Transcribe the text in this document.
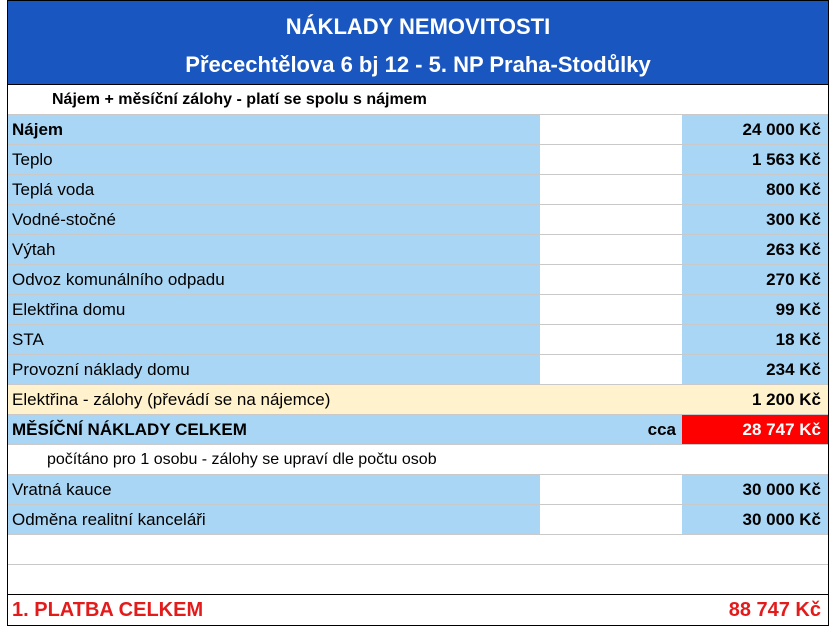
NÁKLADY NEMOVITOSTI
Přecechtělova 6 bj 12 - 5. NP Praha-Stodůlky
Nájem + měsíční zálohy - platí se spolu s nájmem
Nájem	24 000 Kč
Teplo	1 563 Kč
Teplá voda	800 Kč
Vodné-stočné	300 Kč
Výtah	263 Kč
Odvoz komunálního odpadu	270 Kč
Elektřina domu	99 Kč
STA	18 Kč
Provozní náklady domu	234 Kč
Elektřina - zálohy (převádí se na nájemce)	1 200 Kč
MĚSÍČNÍ NÁKLADY CELKEM	cca	28 747 Kč
počítáno pro 1 osobu - zálohy se upraví dle počtu osob
Vratná kauce	30 000 Kč
Odměna realitní kanceláři	30 000 Kč
1. PLATBA CELKEM	88 747 Kč
